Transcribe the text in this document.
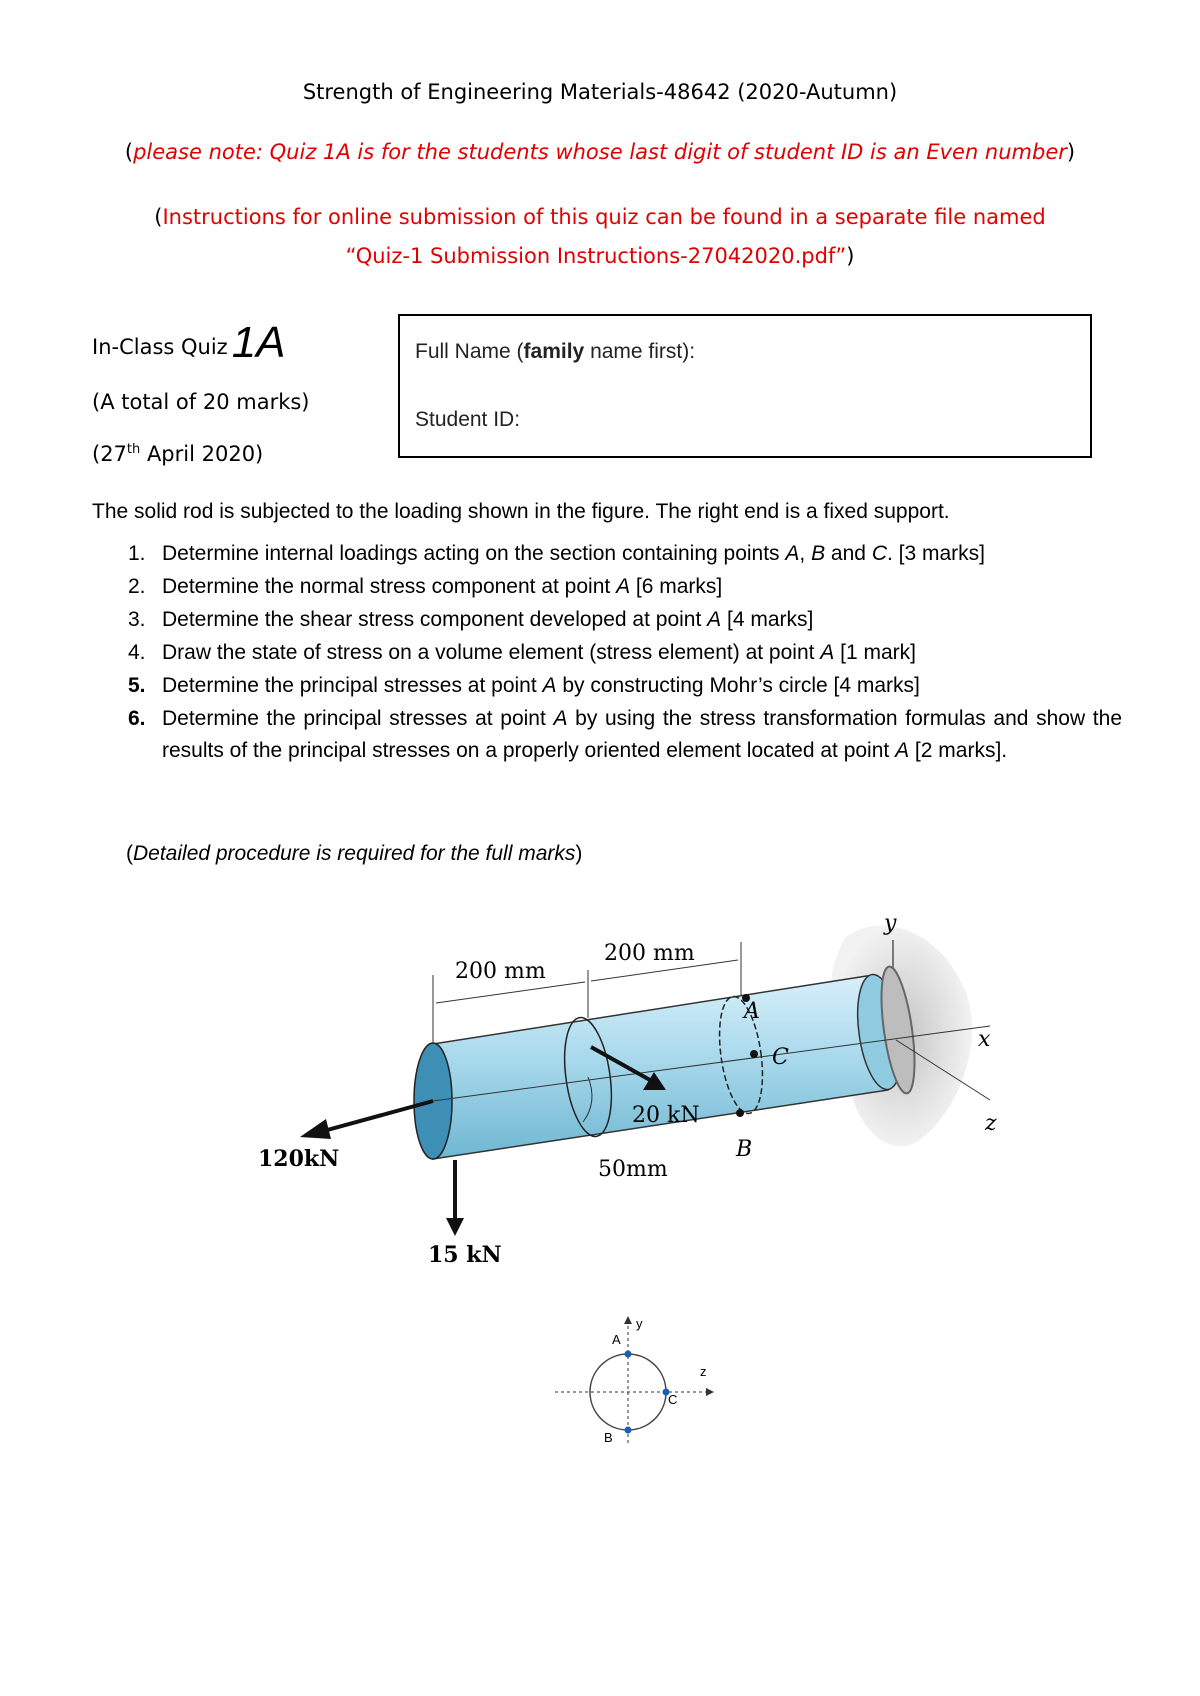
Strength of Engineering Materials-48642 (2020-Autumn)
(please note: Quiz 1A is for the students whose last digit of student ID is an Even number)
(Instructions for online submission of this quiz can be found in a separate file named
“Quiz-1 Submission Instructions-27042020.pdf”)
In-Class Quiz1A
(A total of 20 marks)
(27th April 2020)
Full Name (family name first):
Student ID:
The solid rod is subjected to the loading shown in the figure. The right end is a fixed support.
1. Determine internal loadings acting on the section containing points A, B and C. [3 marks]
2. Determine the normal stress component at point A [6 marks]
3. Determine the shear stress component developed at point A [4 marks]
4. Draw the state of stress on a volume element (stress element) at point A [1 mark]
5. Determine the principal stresses at point A by constructing Mohr’s circle [4 marks]
6. Determine the principal stresses at point A by using the stress transformation formulas and show the results of the principal stresses on a properly oriented element located at point A [2 marks].
(Detailed procedure is required for the full marks)
200 mm
200 mm
120kN
15 kN
20 kN
50mm
A
C
B
y
x
z
A
B
C
y
z
